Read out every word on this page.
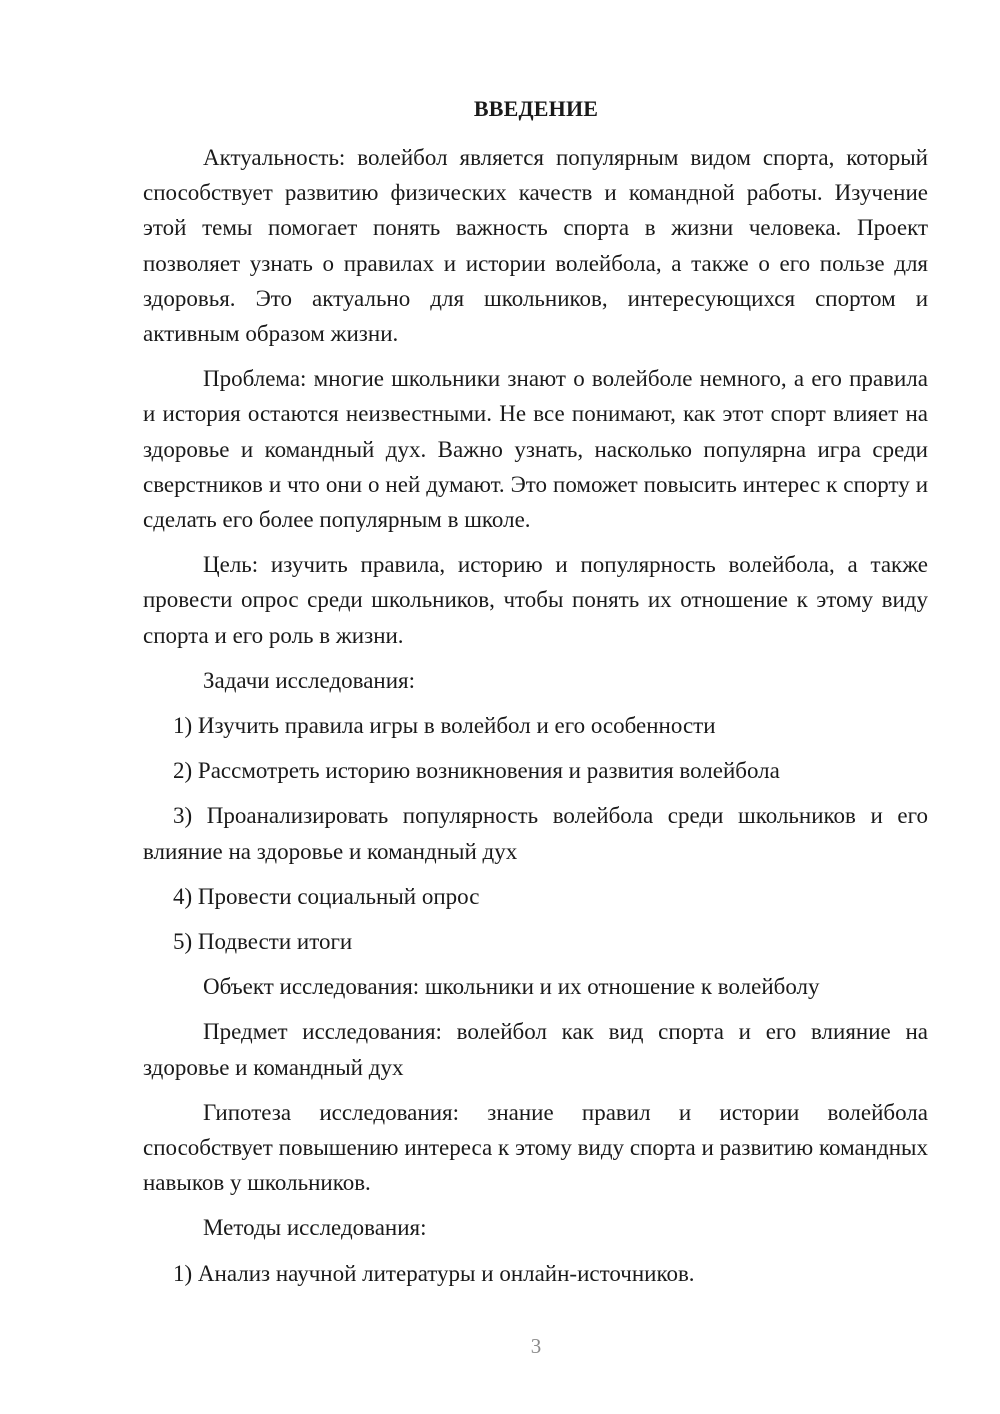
ВВЕДЕНИЕ

Актуальность: волейбол является популярным видом спорта, который способствует развитию физических качеств и командной работы. Изучение этой темы помогает понять важность спорта в жизни человека. Проект позволяет узнать о правилах и истории волейбола, а также о его пользе для здоровья. Это актуально для школьников, интересующихся спортом и активным образом жизни.

Проблема: многие школьники знают о волейболе немного, а его правила и история остаются неизвестными. Не все понимают, как этот спорт влияет на здоровье и командный дух. Важно узнать, насколько популярна игра среди сверстников и что они о ней думают. Это поможет повысить интерес к спорту и сделать его более популярным в школе.

Цель: изучить правила, историю и популярность волейбола, а также провести опрос среди школьников, чтобы понять их отношение к этому виду спорта и его роль в жизни.

Задачи исследования:

1) Изучить правила игры в волейбол и его особенности

2) Рассмотреть историю возникновения и развития волейбола

3) Проанализировать популярность волейбола среди школьников и его влияние на здоровье и командный дух

4) Провести социальный опрос

5) Подвести итоги

Объект исследования: школьники и их отношение к волейболу

Предмет исследования: волейбол как вид спорта и его влияние на здоровье и командный дух

Гипотеза исследования: знание правил и истории волейбола способствует повышению интереса к этому виду спорта и развитию командных навыков у школьников.

Методы исследования:

1) Анализ научной литературы и онлайн-источников.

3
